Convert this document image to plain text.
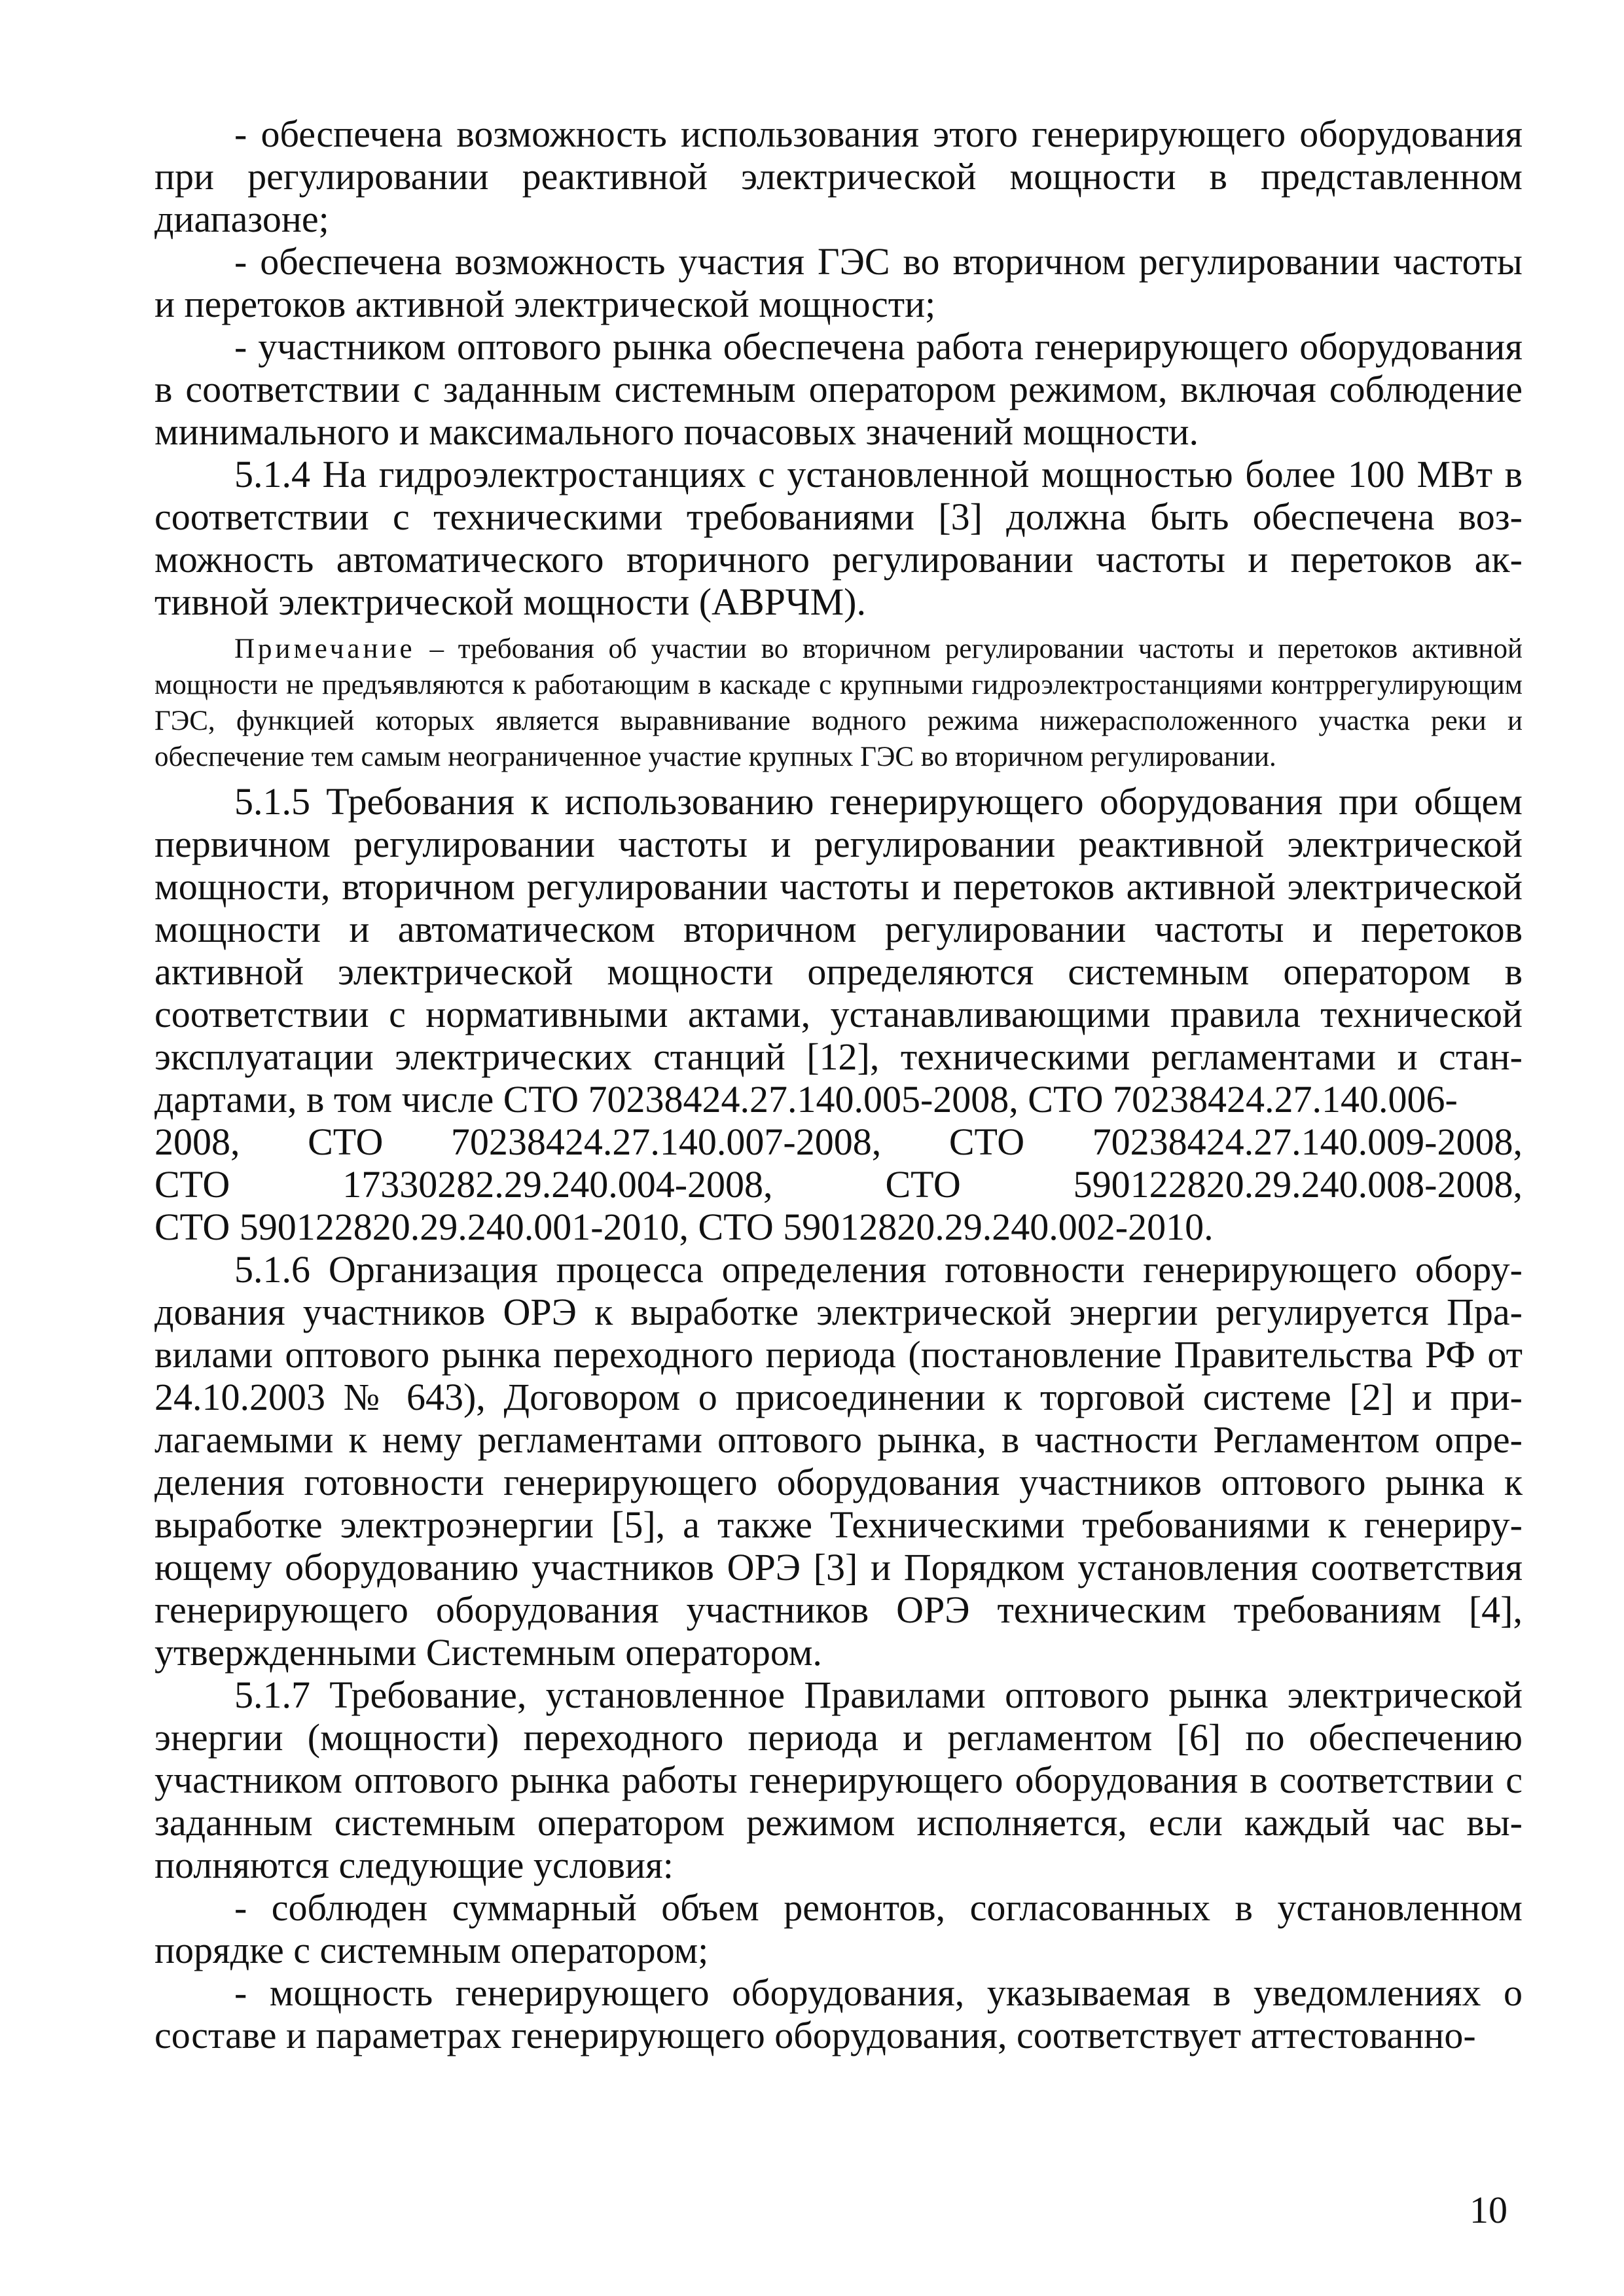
- обеспечена возможность использования этого генерирующего оборудования при регулировании реактивной электрической мощности в представленном диапазоне;

- обеспечена возможность участия ГЭС во вторичном регулировании частоты и перетоков активной электрической мощности;

- участником оптового рынка обеспечена работа генерирующего оборудования в соответствии с заданным системным оператором режимом, включая соблюдение минимального и максимального почасовых значений мощности.

5.1.4 На гидроэлектростанциях с установленной мощностью более 100 МВт в соответствии с техническими требованиями [3] должна быть обеспечена возможность автоматического вторичного регулировании частоты и перетоков активной электрической мощности (АВРЧМ).

Примечание – требования об участии во вторичном регулировании частоты и перетоков активной мощности не предъявляются к работающим в каскаде с крупными гидроэлектростанциями контррегулирующим ГЭС, функцией которых является выравнивание водного режима нижерасположенного участка реки и обеспечение тем самым неограниченное участие крупных ГЭС во вторичном регулировании.

5.1.5 Требования к использованию генерирующего оборудования при общем первичном регулировании частоты и регулировании реактивной электрической мощности, вторичном регулировании частоты и перетоков активной электрической мощности и автоматическом вторичном регулировании частоты и перетоков активной электрической мощности определяются системным оператором в соответствии с нормативными актами, устанавливающими правила технической эксплуатации электрических станций [12], техническими регламентами и стандартами, в том числе СТО 70238424.27.140.005-2008, СТО 70238424.27.140.006-

2008, СТО 70238424.27.140.007-2008, СТО 70238424.27.140.009-2008,

СТО 17330282.29.240.004-2008, СТО 590122820.29.240.008-2008,

СТО 590122820.29.240.001-2010, СТО 59012820.29.240.002-2010.

5.1.6 Организация процесса определения готовности генерирующего оборудования участников ОРЭ к выработке электрической энергии регулируется Правилами оптового рынка переходного периода (постановление Правительства РФ от 24.10.2003 № 643), Договором о присоединении к торговой системе [2] и прилагаемыми к нему регламентами оптового рынка, в частности Регламентом определения готовности генерирующего оборудования участников оптового рынка к выработке электроэнергии [5], а также Техническими требованиями к генерирующему оборудованию участников ОРЭ [3] и Порядком установления соответствия генерирующего оборудования участников ОРЭ техническим требованиям [4], утвержденными Системным оператором.

5.1.7 Требование, установленное Правилами оптового рынка электрической энергии (мощности) переходного периода и регламентом [6] по обеспечению участником оптового рынка работы генерирующего оборудования в соответствии с заданным системным оператором режимом исполняется, если каждый час выполняются следующие условия:

- соблюден суммарный объем ремонтов, согласованных в установленном порядке с системным оператором;

- мощность генерирующего оборудования, указываемая в уведомлениях о составе и параметрах генерирующего оборудования, соответствует аттестованно-

10
